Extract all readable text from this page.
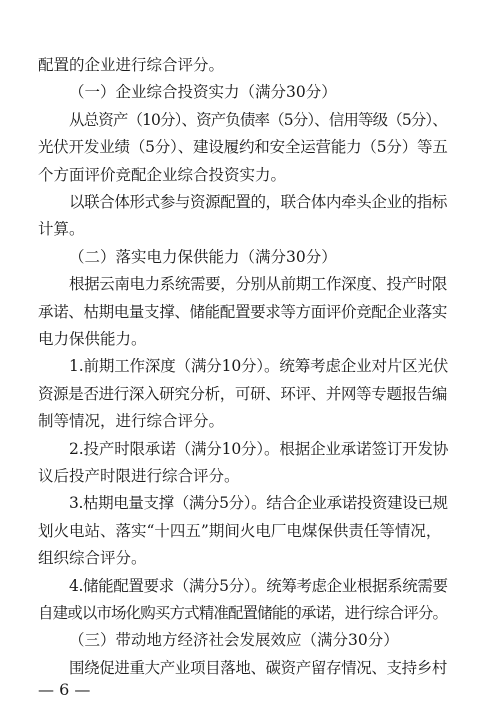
配置的企业进行综合评分。
（一）企业综合投资实力（满分30分）
从总资产（10分）、资产负债率（5分）、信用等级（5分）、
光伏开发业绩（5分）、建设履约和安全运营能力（5分）等五
个方面评价竞配企业综合投资实力。
以联合体形式参与资源配置的，联合体内牵头企业的指标
计算。
（二）落实电力保供能力（满分30分）
根据云南电力系统需要，分别从前期工作深度、投产时限
承诺、枯期电量支撑、储能配置要求等方面评价竞配企业落实
电力保供能力。
1.前期工作深度（满分10分）。统筹考虑企业对片区光伏
资源是否进行深入研究分析，可研、环评、并网等专题报告编
制等情况，进行综合评分。
2.投产时限承诺（满分10分）。根据企业承诺签订开发协
议后投产时限进行综合评分。
3.枯期电量支撑（满分5分）。结合企业承诺投资建设已规
划火电站、落实“十四五”期间火电厂电煤保供责任等情况，
组织综合评分。
4.储能配置要求（满分5分）。统筹考虑企业根据系统需要
自建或以市场化购买方式精准配置储能的承诺，进行综合评分。
（三）带动地方经济社会发展效应（满分30分）
围绕促进重大产业项目落地、碳资产留存情况、支持乡村
— 6 —
